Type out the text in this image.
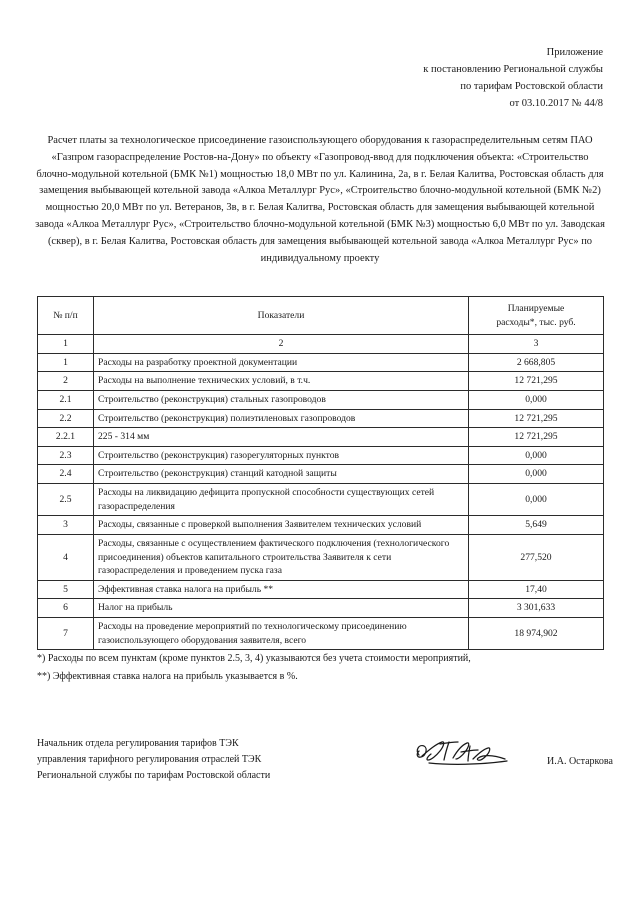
Приложение
к постановлению Региональной службы
по тарифам Ростовской области
от 03.10.2017 № 44/8
Расчет платы за технологическое присоединение газоиспользующего оборудования к газораспределительным сетям ПАО «Газпром газораспределение Ростов-на-Дону» по объекту «Газопровод-ввод для подключения объекта: «Строительство блочно-модульной котельной (БМК №1) мощностью 18,0 МВт по ул. Калинина, 2а, в г. Белая Калитва, Ростовская область для замещения выбывающей котельной завода «Алкоа Металлург Рус», «Строительство блочно-модульной котельной (БМК №2) мощностью 20,0 МВт по ул. Ветеранов, 3в, в г. Белая Калитва, Ростовская область для замещения выбывающей котельной завода «Алкоа Металлург Рус», «Строительство блочно-модульной котельной (БМК №3) мощностью 6,0 МВт по ул. Заводская (сквер), в г. Белая Калитва, Ростовская область для замещения выбывающей котельной завода «Алкоа Металлург Рус» по индивидуальному проекту
№ п/п	Показатели	Планируемые
расходы*, тыс. руб.

1	2	3
1	Расходы на разработку проектной документации	2 668,805
2	Расходы на выполнение технических условий, в т.ч.	12 721,295
2.1	Строительство (реконструкция) стальных газопроводов	0,000
2.2	Строительство (реконструкция) полиэтиленовых газопроводов	12 721,295
2.2.1	225 - 314 мм	12 721,295
2.3	Строительство (реконструкция) газорегуляторных пунктов	0,000
2.4	Строительство (реконструкция) станций катодной защиты	0,000
2.5	Расходы на ликвидацию дефицита пропускной способности существующих сетей газораспределения	0,000
3	Расходы, связанные с проверкой выполнения Заявителем технических условий	5,649
4	Расходы, связанные с осуществлением фактического подключения (технологического присоединения) объектов капитального строительства Заявителя к сети газораспределения и проведением пуска газа	277,520
5	Эффективная ставка налога на прибыль **	17,40
6	Налог на прибыль	3 301,633
7	Расходы на проведение мероприятий по технологическому присоединению газоиспользующего оборудования заявителя, всего	18 974,902
*) Расходы по всем пунктам (кроме пунктов 2.5, 3, 4) указываются без учета стоимости мероприятий,
**) Эффективная ставка налога на прибыль указывается в %.
Начальник отдела регулирования тарифов ТЭК
управления тарифного регулирования отраслей ТЭК
Региональной службы по тарифам Ростовской области
И.А. Остаркова
